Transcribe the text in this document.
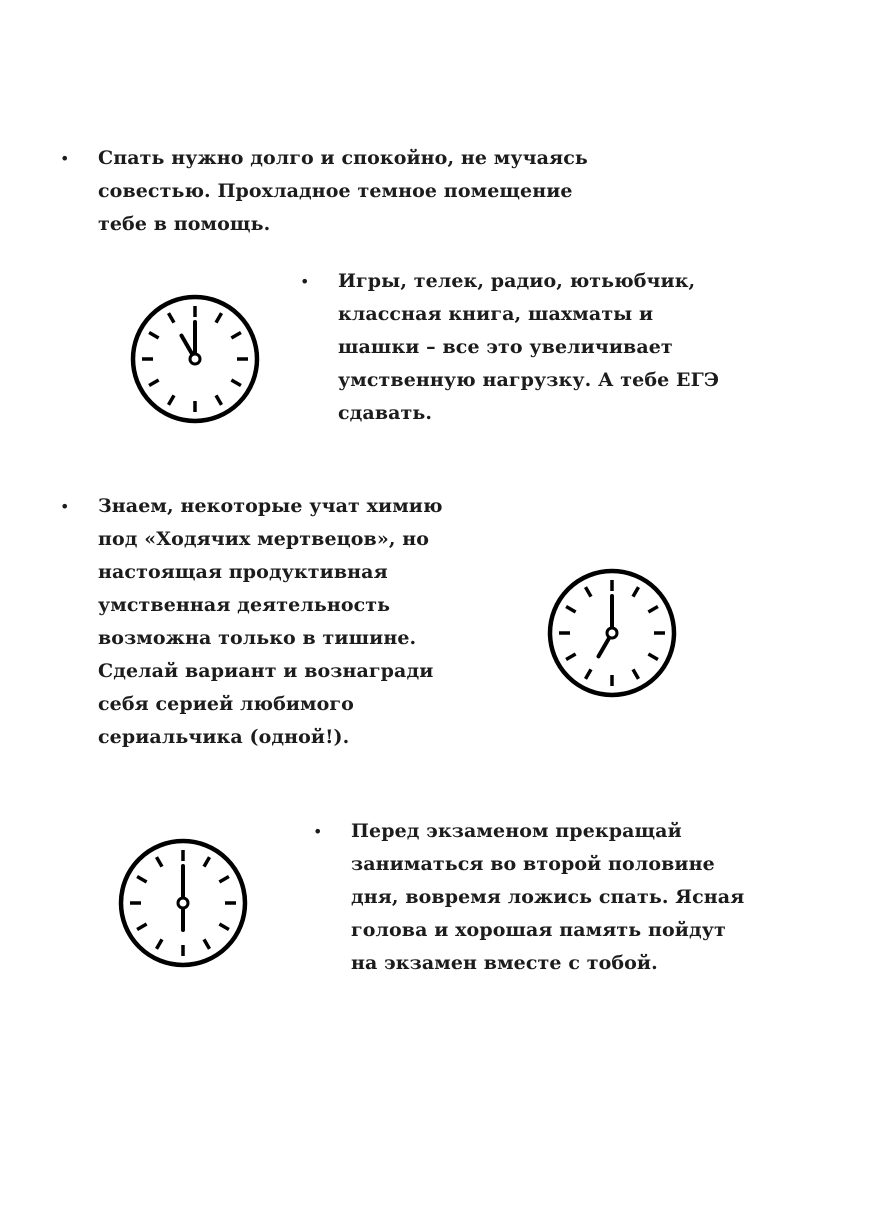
•	Спать нужно долго и спокойно, не мучаясь
совестью. Прохладное темное помещение
тебе в помощь.

•	Игры, телек, радио, ютьюбчик,
классная книга, шахматы и
шашки – все это увеличивает
умственную нагрузку. А тебе ЕГЭ
сдавать.

•	Знаем, некоторые учат химию
под «Ходячих мертвецов», но
настоящая продуктивная
умственная деятельность
возможна только в тишине.
Сделай вариант и вознагради
себя серией любимого
сериальчика (одной!).

•	Перед экзаменом прекращай
заниматься во второй половине
дня, вовремя ложись спать. Ясная
голова и хорошая память пойдут
на экзамен вместе с тобой.
